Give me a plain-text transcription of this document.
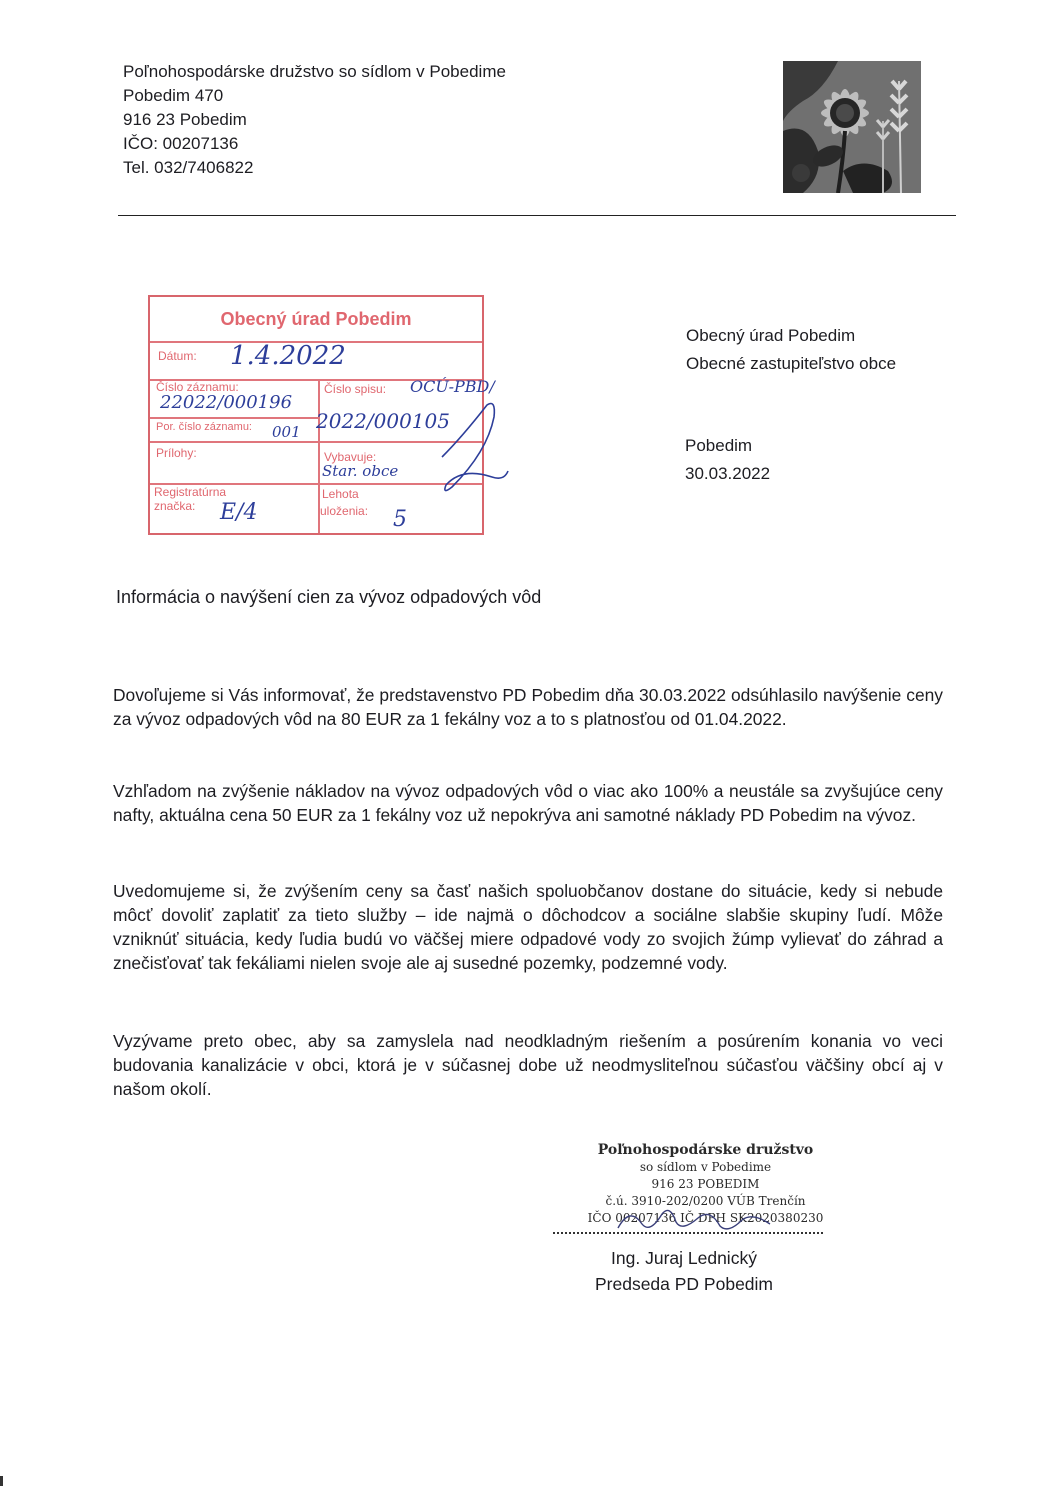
Poľnohospodárske družstvo so sídlom v Pobedime
Pobedim 470
916 23 Pobedim
IČO: 00207136
Tel. 032/7406822
Obecný úrad Pobedim
Dátum: 1.4.2022
Číslo záznamu:
22022/000196
Por. číslo záznamu: 001
Číslo spisu: OCÚ-PBD/
2022/000105
Prílohy:	Vybavuje:
Star. obce
Registratúrna
značka: E/4
Lehota
uloženia: 5
Obecný úrad Pobedim
Obecné zastupiteľstvo obce
Pobedim
30.03.2022
Informácia o navýšení cien za vývoz odpadových vôd
Dovoľujeme si Vás informovať, že predstavenstvo PD Pobedim dňa 30.03.2022 odsúhlasilo navýšenie ceny za vývoz odpadových vôd na 80 EUR za 1 fekálny voz a to s platnosťou od 01.04.2022.
Vzhľadom na zvýšenie nákladov na vývoz odpadových vôd o viac ako 100% a neustále sa zvyšujúce ceny nafty, aktuálna cena 50 EUR za 1 fekálny voz už nepokrýva ani samotné náklady PD Pobedim na vývoz.
Uvedomujeme si, že zvýšením ceny sa časť našich spoluobčanov dostane do situácie, kedy si nebude môcť dovoliť zaplatiť za tieto služby – ide najmä o dôchodcov a sociálne slabšie skupiny ľudí. Môže vzniknúť situácia, kedy ľudia budú vo väčšej miere odpadové vody zo svojich žúmp vylievať do záhrad a znečisťovať tak fekáliami nielen svoje ale aj susedné pozemky, podzemné vody.
Vyzývame preto obec, aby sa zamyslela nad neodkladným riešením a posúrením konania vo veci budovania kanalizácie v obci, ktorá je v súčasnej dobe už neodmysliteľnou súčasťou väčšiny obcí aj v našom okolí.
Poľnohospodárske družstvo
so sídlom v Pobedime
916 23 POBEDIM
č.ú. 3910-202/0200 VÚB Trenčín
IČO 00207136 IČ DPH SK2020380230
Ing. Juraj Lednický
Predseda PD Pobedim
